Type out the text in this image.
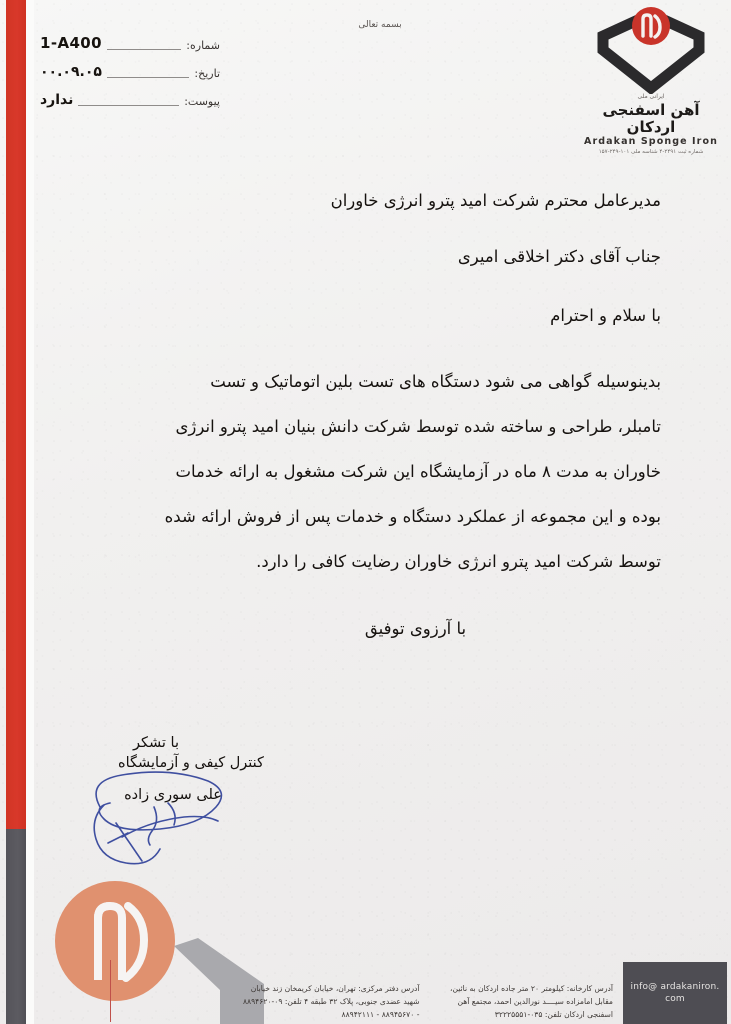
بسمه تعالی
شماره:
1-A400
تاریخ:
۰۰.۰۹.۰۵
پیوست:
ندارد	ایرانی ملی
آهن اسفنجی اردکان
Ardakan Sponge Iron
شماره ثبت ۲۴۹۱-۴ شناسه ملی ۱۰۱-۲۴۹-۱۵۷
مدیرعامل محترم شرکت امید پترو انرژی خاوران
جناب آقای دکتر اخلاقی امیری
با سلام و احترام
بدینوسیله گواهی می شود دستگاه های تست بلین اتوماتیک و تست
تامبلر، طراحی و ساخته شده توسط شرکت دانش بنیان امید پترو انرژی
خاوران به مدت ۸ ماه در آزمایشگاه این شرکت مشغول به ارائه خدمات
بوده و این مجموعه از عملکرد دستگاه و خدمات پس از فروش ارائه شده
توسط شرکت امید پترو انرژی خاوران رضایت کافی را دارد.
با آرزوی توفیق
با تشکر
کنترل کیفی و آزمایشگاه
علی سوری زاده

آدرس کارخانه: کیلومتر ۲۰ متر جاده اردکان به نائین، مقابل امامزاده سیــــد نورالدین احمد، مجتمع آهن اسفنجی اردکان تلفن: ۰۳۵-۳۲۲۲۵۵۵۱

آدرس دفتر مرکزی: تهران، خیابان کریمخان زند خیابان شهید عضدی جنوبی، پلاک ۳۲ طبقه ۴ تلفن: ۰۹-۸۸۹۴۶۲۰ - ۸۸۹۴۵۶۷۰ - ۸۸۹۴۲۱۱۱

info@ ardakaniron. com
